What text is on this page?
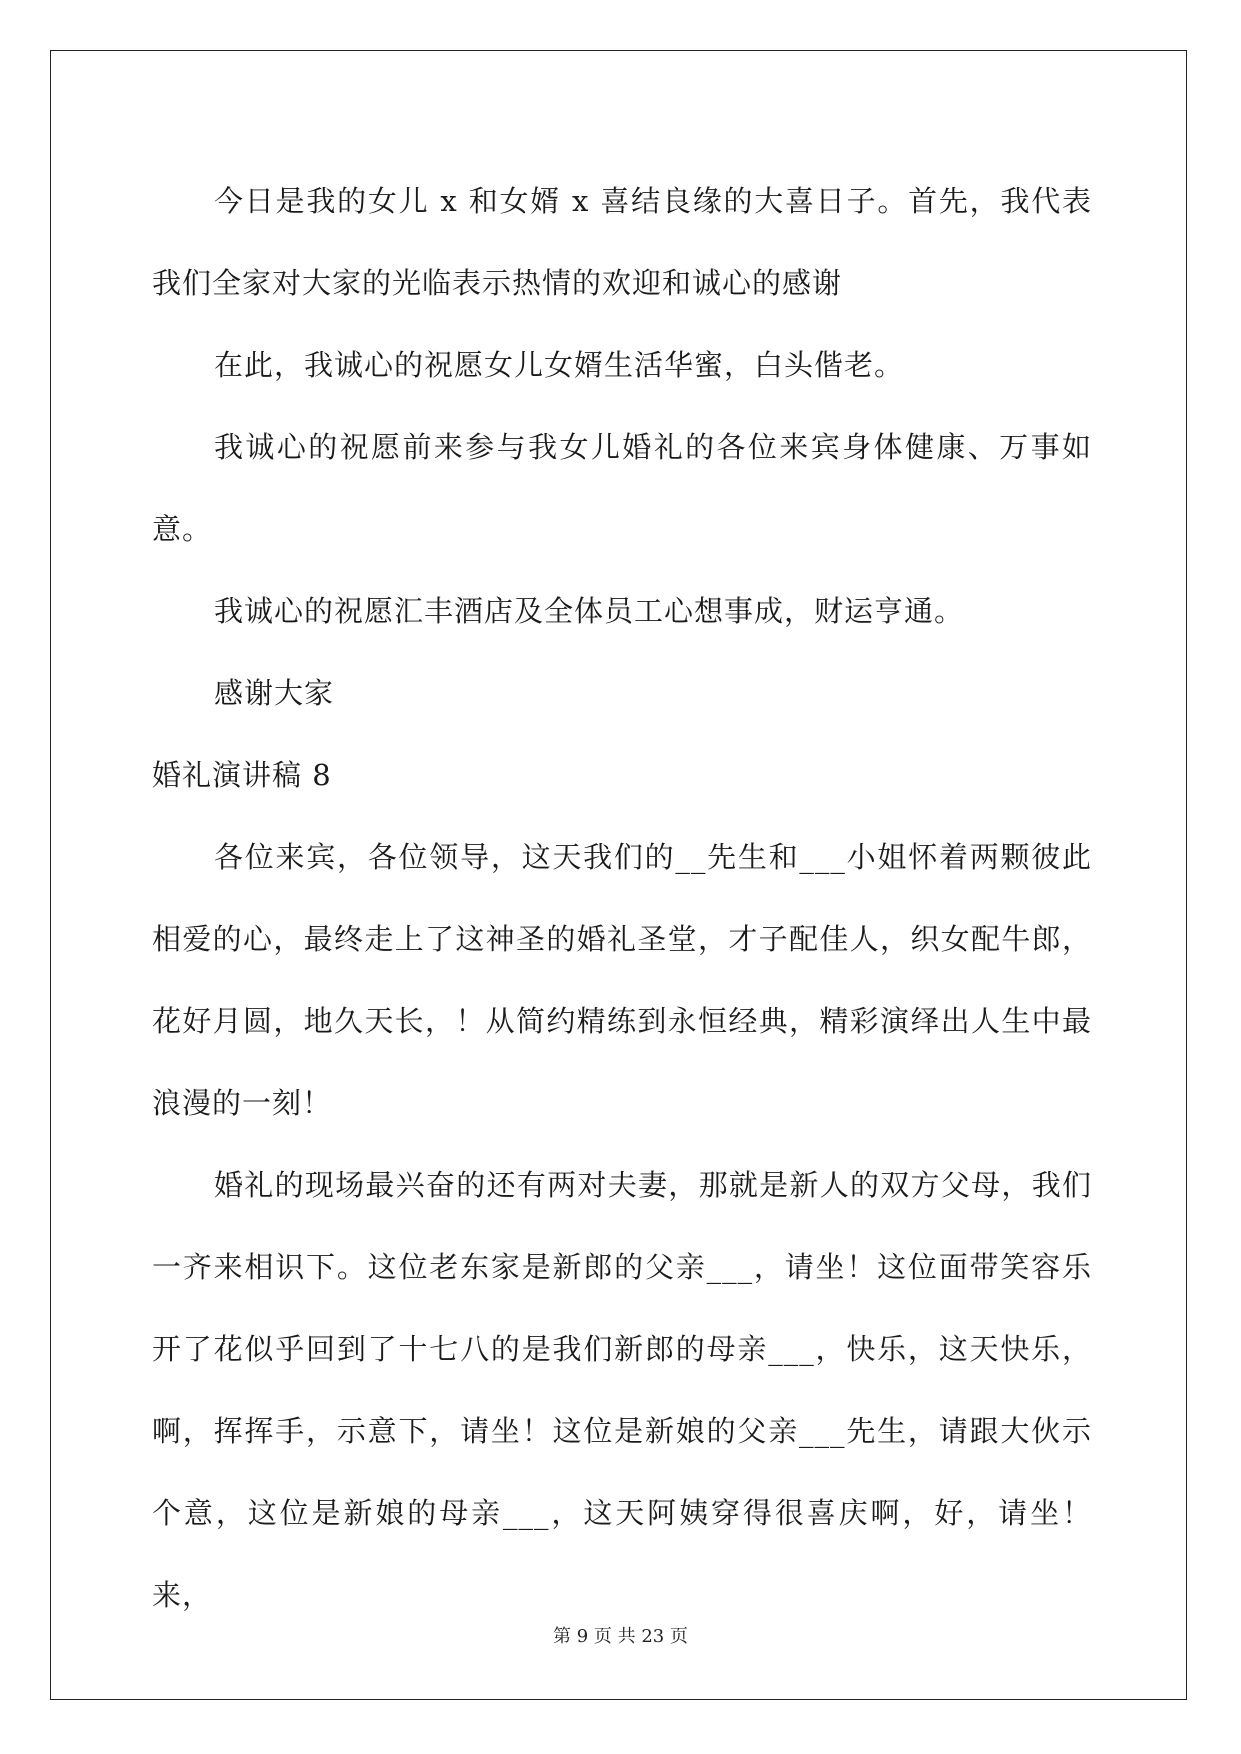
今日是我的女儿 x 和女婿 x 喜结良缘的大喜日子。首先，我代表我们全家对大家的光临表示热情的欢迎和诚心的感谢

在此，我诚心的祝愿女儿女婿生活华蜜，白头偕老。

我诚心的祝愿前来参与我女儿婚礼的各位来宾身体健康、万事如意。

我诚心的祝愿汇丰酒店及全体员工心想事成，财运亨通。

感谢大家

婚礼演讲稿 8

各位来宾，各位领导，这天我们的__先生和___小姐怀着两颗彼此相爱的心，最终走上了这神圣的婚礼圣堂，才子配佳人，织女配牛郎，花好月圆，地久天长，！从简约精练到永恒经典，精彩演绎出人生中最浪漫的一刻！

婚礼的现场最兴奋的还有两对夫妻，那就是新人的双方父母，我们一齐来相识下。这位老东家是新郎的父亲___，请坐！这位面带笑容乐开了花似乎回到了十七八的是我们新郎的母亲___，快乐，这天快乐，啊，挥挥手，示意下，请坐！这位是新娘的父亲___先生，请跟大伙示个意，这位是新娘的母亲___，这天阿姨穿得很喜庆啊，好，请坐！来，

第 9 页 共 23 页
